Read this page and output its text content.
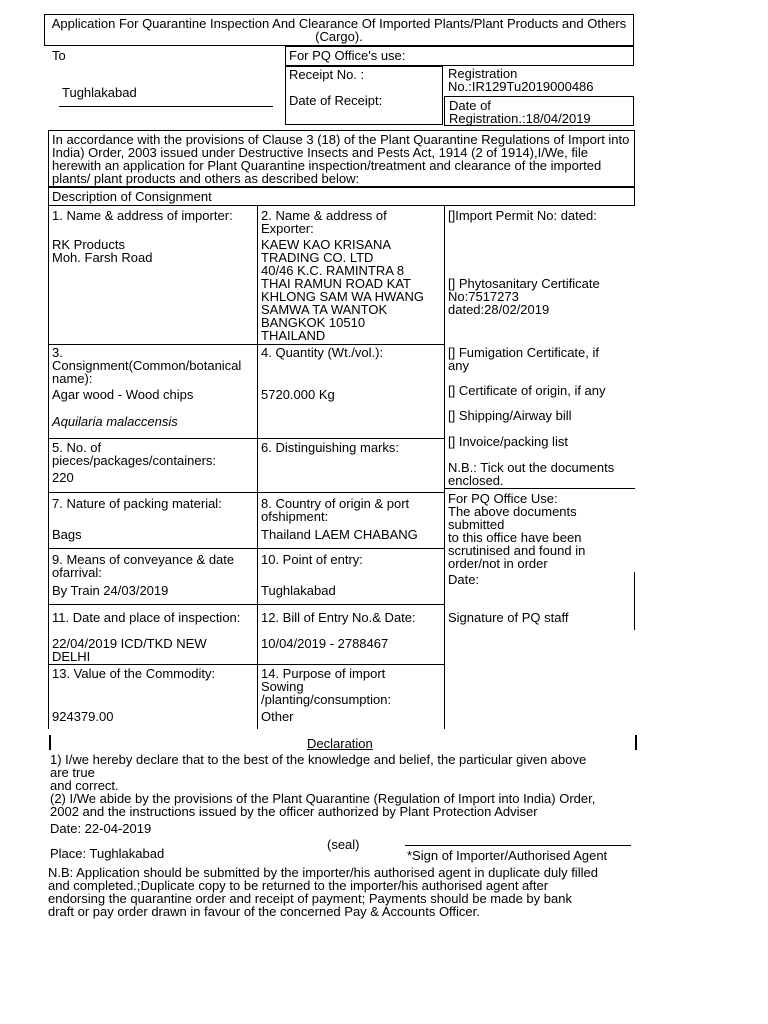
Application For Quarantine Inspection And Clearance Of Imported Plants/Plant Products and Others (Cargo).
To
Tughlakabad
For PQ Office's use:
Receipt No. :
Date of Receipt:
Registration
No.:IR129Tu2019000486
Date of
Registration.:18/04/2019
In accordance with the provisions of Clause 3 (18) of the Plant Quarantine Regulations of Import into India) Order, 2003 issued under Destructive Insects and Pests Act, 1914 (2 of 1914),I/We, file herewith an application for Plant Quarantine inspection/treatment and clearance of the imported plants/ plant products and others as described below:
Description of Consignment
1. Name & address of importer:
RK Products
Moh. Farsh Road
2. Name & address of
Exporter:
KAEW KAO KRISANA
TRADING CO. LTD
40/46 K.C. RAMINTRA 8
THAI RAMUN ROAD KAT
KHLONG SAM WA HWANG
SAMWA TA WANTOK
BANGKOK 10510
THAILAND
3.
Consignment(Common/botanical
name):
Agar wood - Wood chips
Aquilaria malaccensis
4. Quantity (Wt./vol.):
5720.000 Kg
5. No. of
pieces/packages/containers:
220
6. Distinguishing marks:
7. Nature of packing material:
Bags
8. Country of origin & port
ofshipment:
Thailand LAEM CHABANG
9. Means of conveyance & date
ofarrival:
By Train 24/03/2019
10. Point of entry:
Tughlakabad
11. Date and place of inspection:
22/04/2019 ICD/TKD NEW
DELHI
12. Bill of Entry No.& Date:
10/04/2019 - 2788467
13. Value of the Commodity:
924379.00
14. Purpose of import
Sowing
/planting/consumption:
Other
[]Import Permit No: dated:
[] Phytosanitary Certificate
No:7517273
dated:28/02/2019
[] Fumigation Certificate, if
any
[] Certificate of origin, if any
[] Shipping/Airway bill
[] Invoice/packing list
N.B.: Tick out the documents
enclosed.
For PQ Office Use:
The above documents
submitted
to this office have been
scrutinised and found in
order/not in order
Date:
Signature of PQ staff
Declaration
1) I/we hereby declare that to the best of the knowledge and belief, the particular given above
are true
and correct.
(2) I/We abide by the provisions of the Plant Quarantine (Regulation of Import into India) Order,
2002 and the instructions issued by the officer authorized by Plant Protection Adviser
Date: 22-04-2019
(seal)
Place: Tughlakabad	*Sign of Importer/Authorised Agent
N.B: Application should be submitted by the importer/his authorised agent in duplicate duly filled
and completed.;Duplicate copy to be returned to the importer/his authorised agent after
endorsing the quarantine order and receipt of payment; Payments should be made by bank
draft or pay order drawn in favour of the concerned Pay & Accounts Officer.
